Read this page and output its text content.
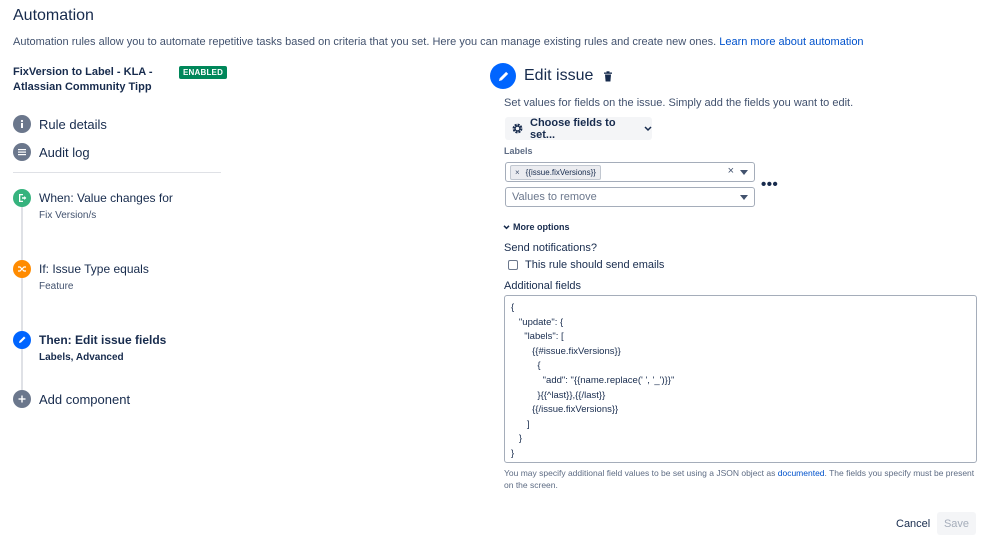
Automation
Automation rules allow you to automate repetitive tasks based on criteria that you set. Here you can manage existing rules and create new ones. Learn more about automation
FixVersion to Label - KLA - Atlassian Community Tipp
ENABLED
Rule details
Audit log
When: Value changes for
Fix Version/s
If: Issue Type equals
Feature
Then: Edit issue fields
Labels, Advanced
Add component
Edit issue
Set values for fields on the issue. Simply add the fields you want to edit.
Choose fields to set...
Labels
× {{issue.fixVersions}}	×
•••
Values to remove
More options
Send notifications?
This rule should send emails
Additional fields
{
"update": {
"labels": [
{{#issue.fixVersions}}
{
"add": "{{name.replace(' ', '_')}}"
}{{^last}},{{/last}}
{{/issue.fixVersions}}
]
}
}
You may specify additional field values to be set using a JSON object as documented. The fields you specify must be present on the screen.
Cancel	Save
